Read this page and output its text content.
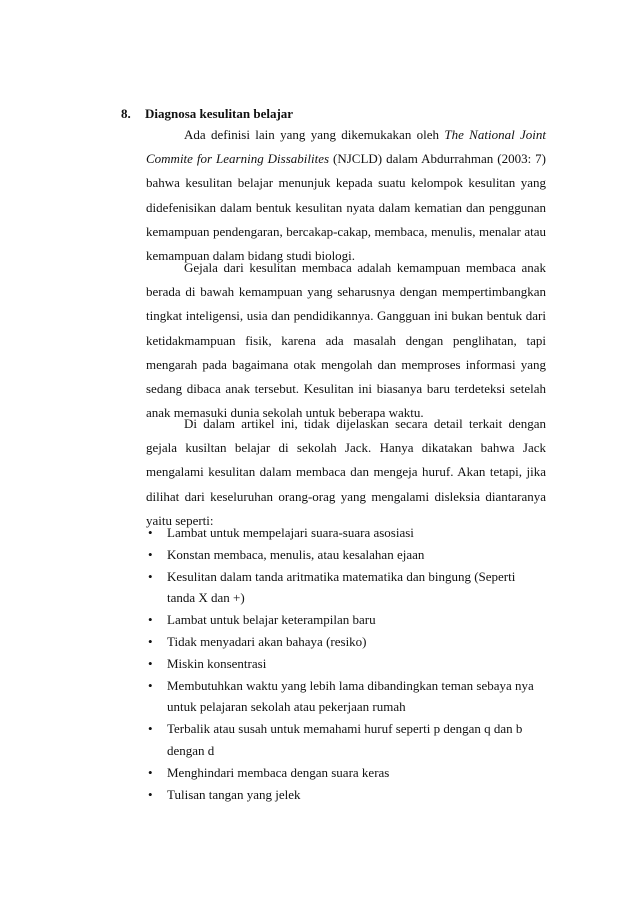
8. Diagnosa kesulitan belajar

Ada definisi lain yang yang dikemukakan oleh The National Joint Commite for Learning Dissabilites (NJCLD) dalam Abdurrahman (2003: 7) bahwa kesulitan belajar menunjuk kepada suatu kelompok kesulitan yang didefenisikan dalam bentuk kesulitan nyata dalam kematian dan penggunan kemampuan pendengaran, bercakap-cakap, membaca, menulis, menalar atau kemampuan dalam bidang studi biologi.

Gejala dari kesulitan membaca adalah kemampuan membaca anak berada di bawah kemampuan yang seharusnya dengan mempertimbangkan tingkat inteligensi, usia dan pendidikannya. Gangguan ini bukan bentuk dari ketidakmampuan fisik, karena ada masalah dengan penglihatan, tapi mengarah pada bagaimana otak mengolah dan memproses informasi yang sedang dibaca anak tersebut. Kesulitan ini biasanya baru terdeteksi setelah anak memasuki dunia sekolah untuk beberapa waktu.

Di dalam artikel ini, tidak dijelaskan secara detail terkait dengan gejala kusiltan belajar di sekolah Jack. Hanya dikatakan bahwa Jack mengalami kesulitan dalam membaca dan mengeja huruf. Akan tetapi, jika dilihat dari keseluruhan orang-orag yang mengalami disleksia diantaranya yaitu seperti:

• Lambat untuk mempelajari suara-suara asosiasi
• Konstan membaca, menulis, atau kesalahan ejaan
• Kesulitan dalam tanda aritmatika matematika dan bingung (Seperti tanda X dan +)
• Lambat untuk belajar keterampilan baru
• Tidak menyadari akan bahaya (resiko)
• Miskin konsentrasi
• Membutuhkan waktu yang lebih lama dibandingkan teman sebaya nya untuk pelajaran sekolah atau pekerjaan rumah
• Terbalik atau susah untuk memahami huruf seperti p dengan q dan b dengan d
• Menghindari membaca dengan suara keras
• Tulisan tangan yang jelek
